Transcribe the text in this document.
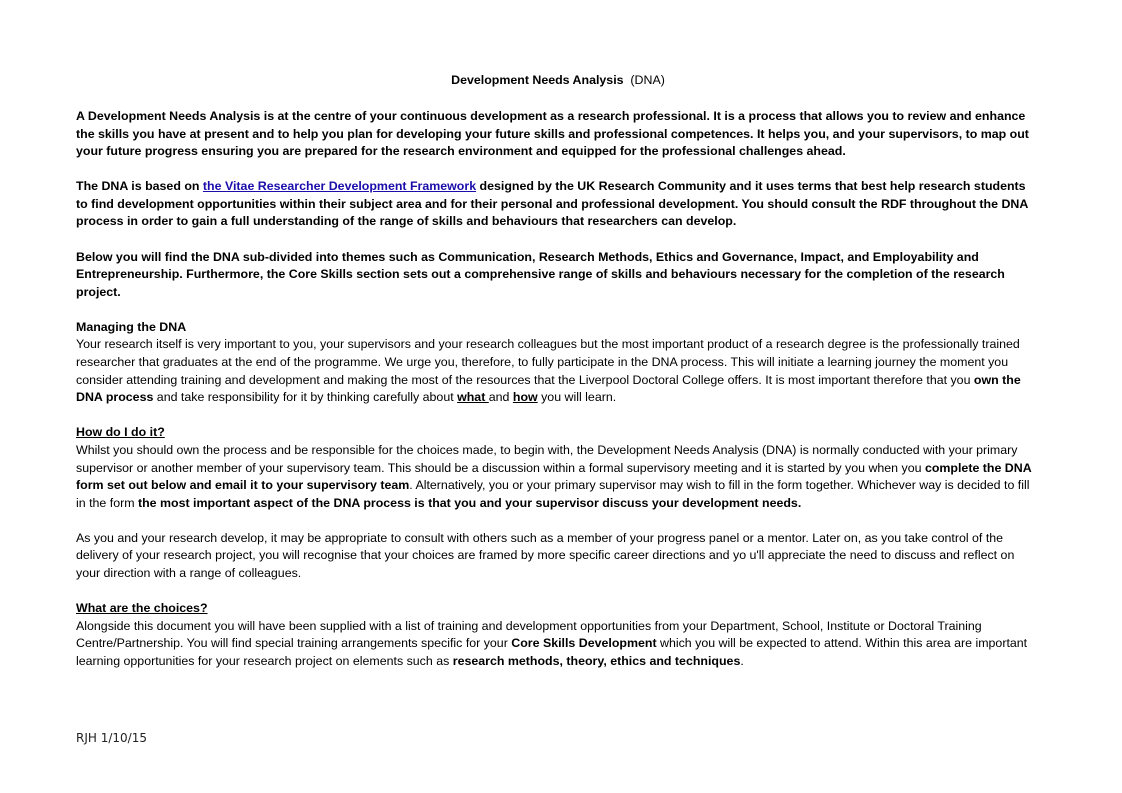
Development Needs Analysis (DNA)

A Development Needs Analysis is at the centre of your continuous development as a research professional. It is a process that allows you to review and enhance the skills you have at present and to help you plan for developing your future skills and professional competences. It helps you, and your supervisors, to map out your future progress ensuring you are prepared for the research environment and equipped for the professional challenges ahead.

The DNA is based on the Vitae Researcher Development Framework designed by the UK Research Community and it uses terms that best help research students to find development opportunities within their subject area and for their personal and professional development. You should consult the RDF throughout the DNA process in order to gain a full understanding of the range of skills and behaviours that researchers can develop.

Below you will find the DNA sub-divided into themes such as Communication, Research Methods, Ethics and Governance, Impact, and Employability and Entrepreneurship. Furthermore, the Core Skills section sets out a comprehensive range of skills and behaviours necessary for the completion of the research project.

Managing the DNA
Your research itself is very important to you, your supervisors and your research colleagues but the most important product of a research degree is the professionally trained researcher that graduates at the end of the programme. We urge you, therefore, to fully participate in the DNA process. This will initiate a learning journey the moment you consider attending training and development and making the most of the resources that the Liverpool Doctoral College offers. It is most important therefore that you own the DNA process and take responsibility for it by thinking carefully about what and how you will learn.

How do I do it?
Whilst you should own the process and be responsible for the choices made, to begin with, the Development Needs Analysis (DNA) is normally conducted with your primary supervisor or another member of your supervisory team. This should be a discussion within a formal supervisory meeting and it is started by you when you complete the DNA form set out below and email it to your supervisory team. Alternatively, you or your primary supervisor may wish to fill in the form together. Whichever way is decided to fill in the form the most important aspect of the DNA process is that you and your supervisor discuss your development needs.

As you and your research develop, it may be appropriate to consult with others such as a member of your progress panel or a mentor. Later on, as you take control of the delivery of your research project, you will recognise that your choices are framed by more specific career directions and yo u'll appreciate the need to discuss and reflect on your direction with a range of colleagues.

What are the choices?
Alongside this document you will have been supplied with a list of training and development opportunities from your Department, School, Institute or Doctoral Training Centre/Partnership. You will find special training arrangements specific for your Core Skills Development which you will be expected to attend. Within this area are important learning opportunities for your research project on elements such as research methods, theory, ethics and techniques.

RJH 1/10/15
